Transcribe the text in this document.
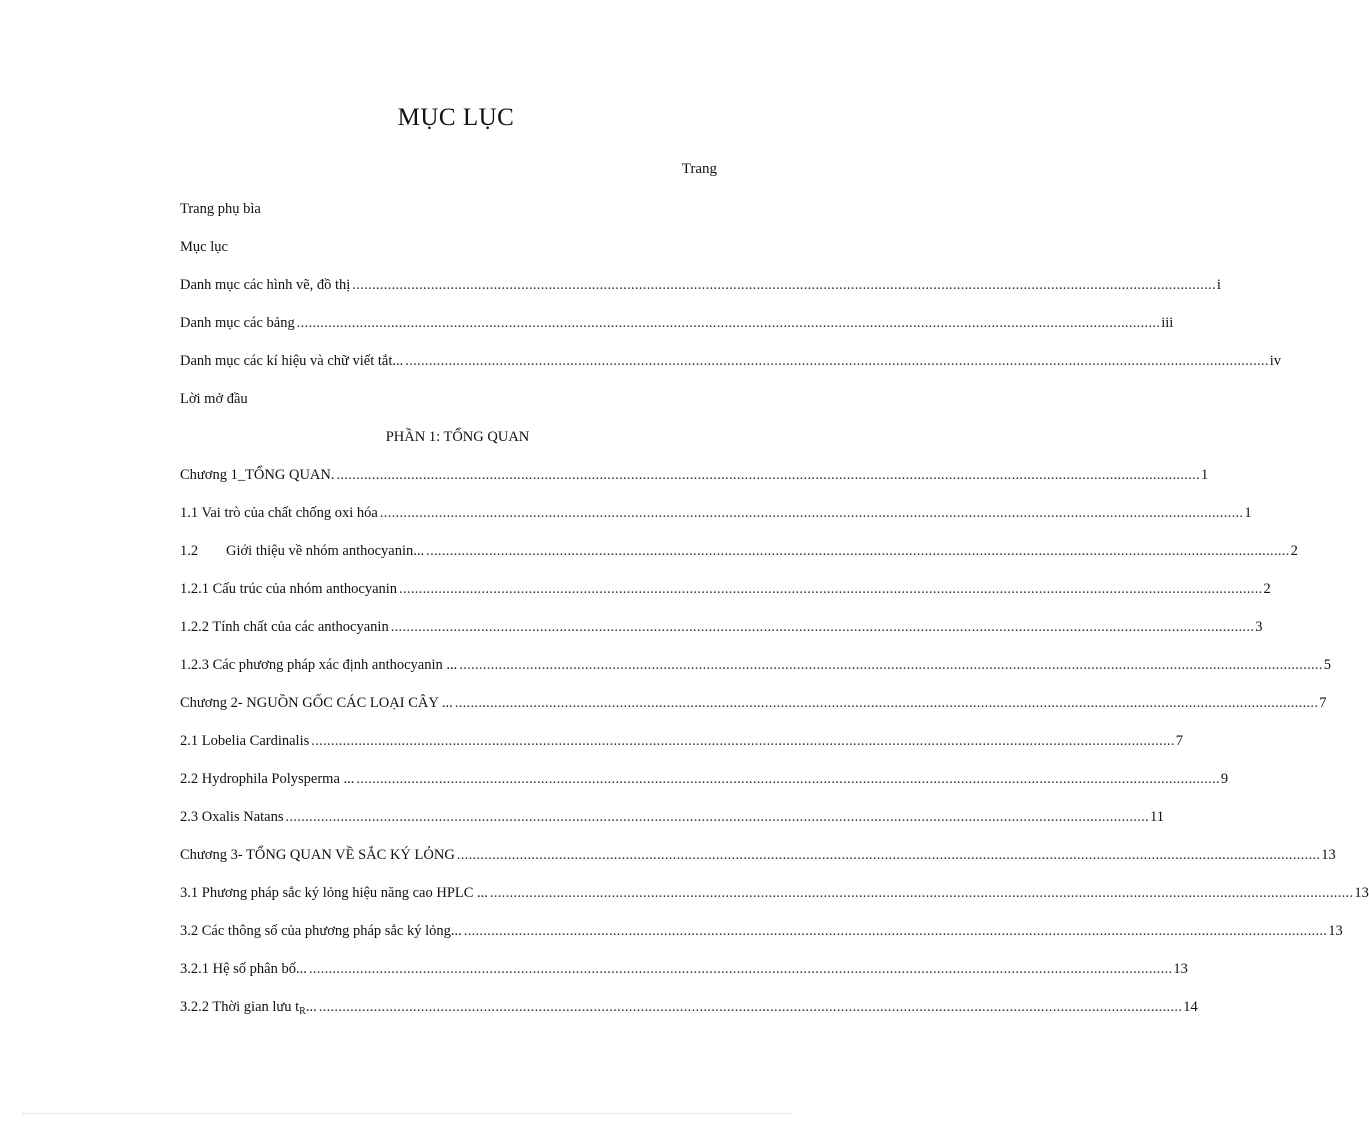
MỤC LỤC
Trang
Trang phụ bìa
Mục lục
Danh mục các hình vẽ, đồ thị ............................................................................................................................................................................................................................ i
Danh mục các bảng ............................................................................................................................................................................................................................ iii
Danh mục các kí hiệu và chữ viết tắt... ............................................................................................................................................................................................................................ iv
Lời mở đầu
PHẦN 1: TỔNG QUAN
Chương 1_TỔNG QUAN. ............................................................................................................................................................................................................................ 1
1.1 Vai trò của chất chống oxi hóa ............................................................................................................................................................................................................................ 1
1.2	Giới thiệu về nhóm anthocyanin... ............................................................................................................................................................................................................................ 2
1.2.1 Cấu trúc của nhóm anthocyanin ............................................................................................................................................................................................................................ 2
1.2.2 Tính chất của các anthocyanin ............................................................................................................................................................................................................................ 3
1.2.3 Các phương pháp xác định anthocyanin ... ............................................................................................................................................................................................................................ 5
Chương 2- NGUỒN GỐC CÁC LOẠI CÂY ... ............................................................................................................................................................................................................................ 7
2.1 Lobelia Cardinalis ............................................................................................................................................................................................................................ 7
2.2 Hydrophila Polysperma ... ............................................................................................................................................................................................................................ 9
2.3 Oxalis Natans ............................................................................................................................................................................................................................ 11
Chương 3- TỔNG QUAN VỀ SẮC KÝ LỎNG ............................................................................................................................................................................................................................ 13
3.1 Phương pháp sắc ký lỏng hiệu năng cao HPLC ... ............................................................................................................................................................................................................................ 13
3.2 Các thông số của phương pháp sắc ký lỏng... ............................................................................................................................................................................................................................ 13
3.2.1 Hệ số phân bố... ............................................................................................................................................................................................................................ 13
3.2.2 Thời gian lưu $t_R$... ............................................................................................................................................................................................................................ 14
